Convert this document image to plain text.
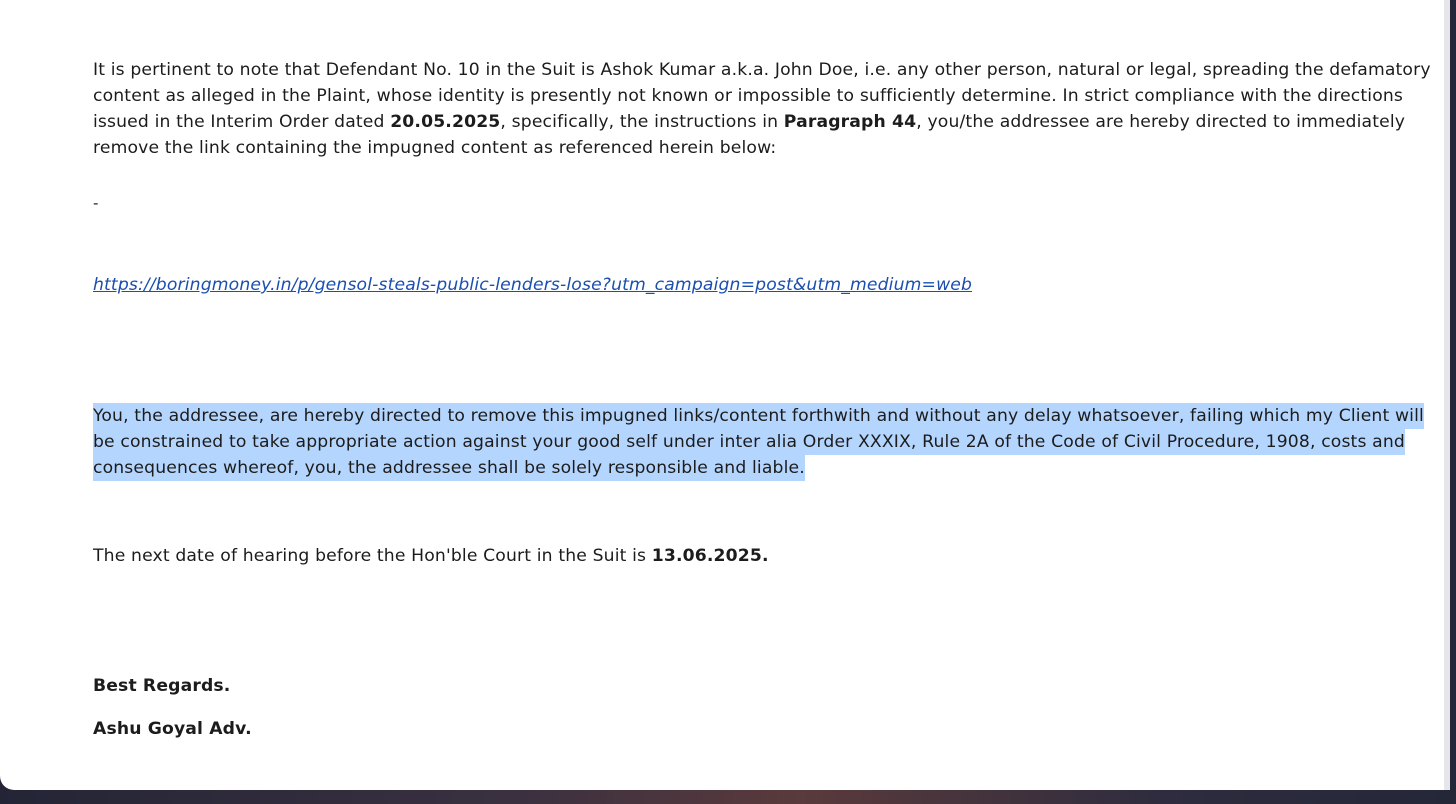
It is pertinent to note that Defendant No. 10 in the Suit is Ashok Kumar a.k.a. John Doe, i.e. any other person, natural or legal, spreading the defamatory content as alleged in the Plaint, whose identity is presently not known or impossible to sufficiently determine. In strict compliance with the directions issued in the Interim Order dated 20.05.2025, specifically, the instructions in Paragraph 44, you/the addressee are hereby directed to immediately remove the link containing the impugned content as referenced herein below:

-

https://boringmoney.in/p/gensol-steals-public-lenders-lose?utm_campaign=post&utm_medium=web

You, the addressee, are hereby directed to remove this impugned links/content forthwith and without any delay whatsoever, failing which my Client will be constrained to take appropriate action against your good self under inter alia Order XXXIX, Rule 2A of the Code of Civil Procedure, 1908, costs and consequences whereof, you, the addressee shall be solely responsible and liable.

The next date of hearing before the Hon'ble Court in the Suit is 13.06.2025.

Best Regards.

Ashu Goyal Adv.
